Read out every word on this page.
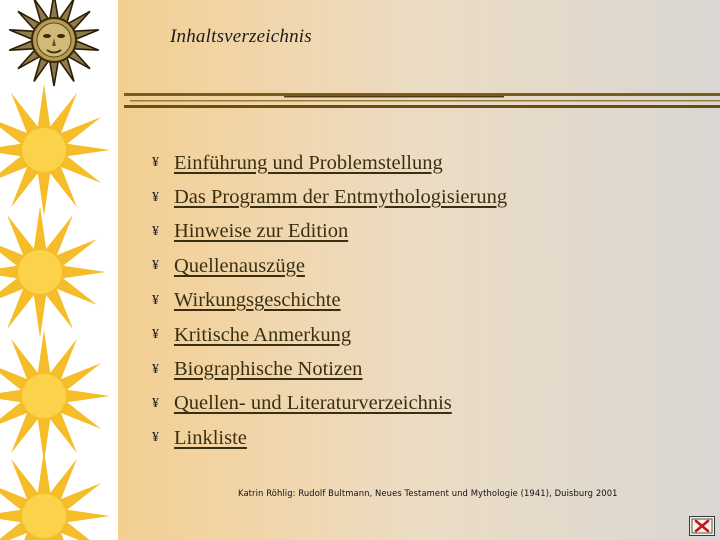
Inhaltsverzeichnis
¥ Einführung und Problemstellung
¥ Das Programm der Entmythologisierung
¥ Hinweise zur Edition
¥ Quellenauszüge
¥ Wirkungsgeschichte
¥ Kritische Anmerkung
¥ Biographische Notizen
¥ Quellen- und Literaturverzeichnis
¥ Linkliste
Katrin Röhlig: Rudolf Bultmann, Neues Testament und Mythologie (1941), Duisburg 2001
